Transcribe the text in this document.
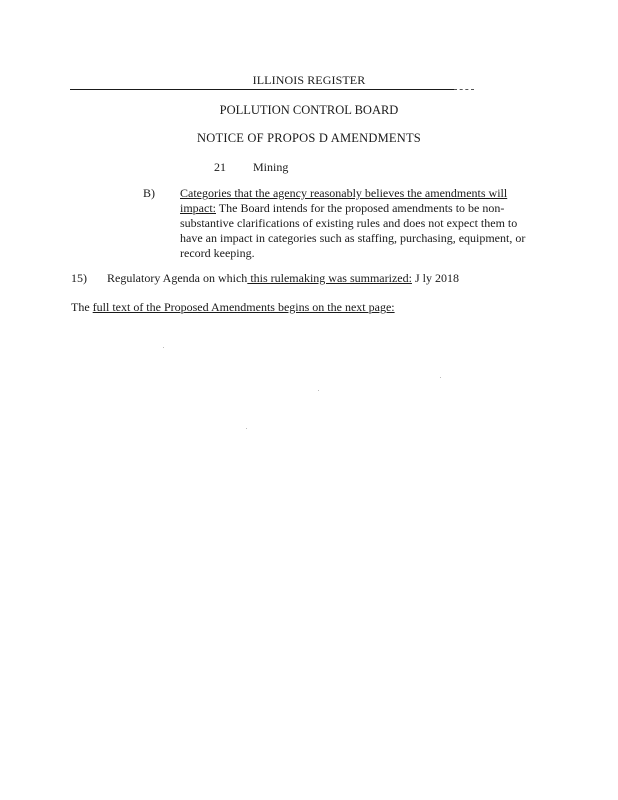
ILLINOIS REGISTER
POLLUTION CONTROL BOARD
NOTICE OF PROPOS D AMENDMENTS
21 Mining
B) Categories that the agency reasonably believes the amendments will
impact: The Board intends for the proposed amendments to be non-substantive clarifications of existing rules and does not expect them to have an impact in categories such as staffing, purchasing, equipment, or record keeping.
15) Regulatory Agenda on which this rulemaking was summarized: J ly 2018
The full text of the Proposed Amendments begins on the next page:
